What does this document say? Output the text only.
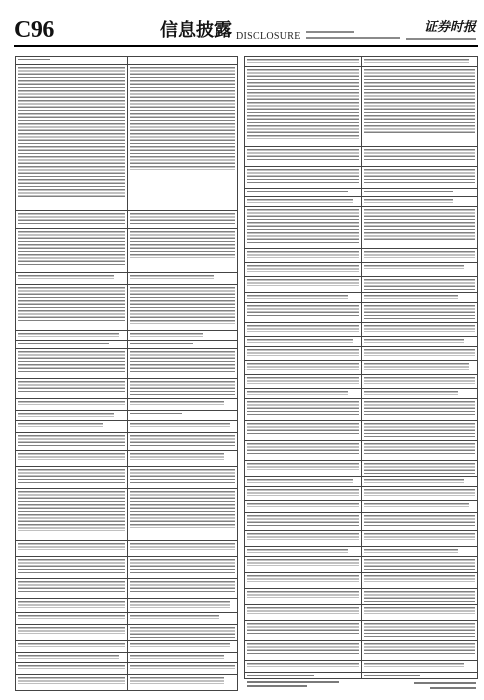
C96	信息披露 DISCLOSURE
证券时报
